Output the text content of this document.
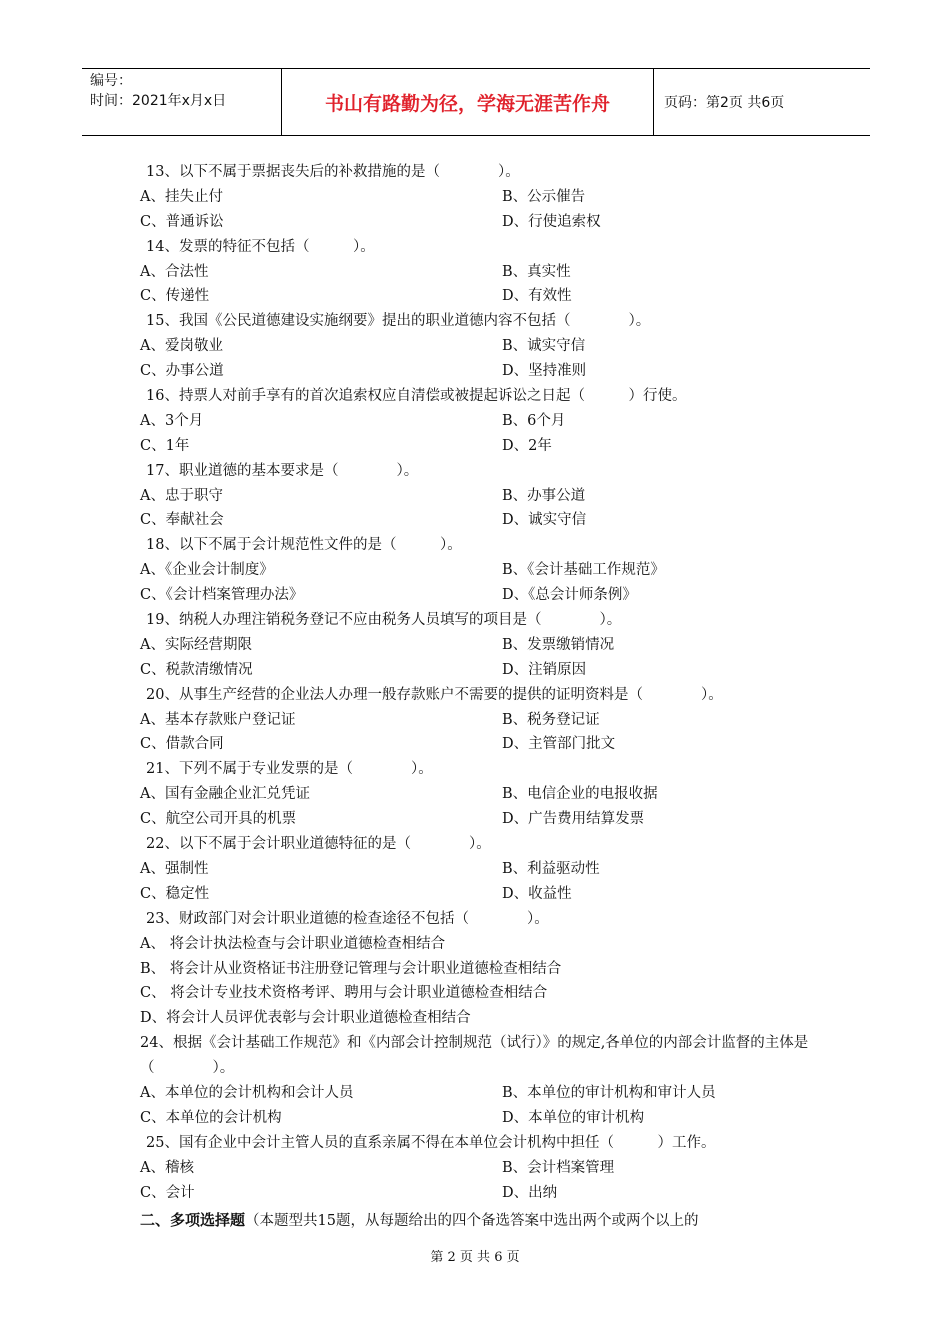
编号：
时间：2021年x月x日	书山有路勤为径，学海无涯苦作舟	页码：第2页 共6页
13、以下不属于票据丧失后的补救措施的是（　　　　）。
A、挂失止付	B、公示催告
C、普通诉讼	D、行使追索权
14、发票的特征不包括（　　　）。
A、合法性	B、真实性
C、传递性	D、有效性
15、我国《公民道德建设实施纲要》提出的职业道德内容不包括（　　　　）。
A、爱岗敬业	B、诚实守信
C、办事公道	D、坚持准则
16、持票人对前手享有的首次追索权应自清偿或被提起诉讼之日起（　　　）行使。
A、3个月	B、6个月
C、1年	D、2年
17、职业道德的基本要求是（　　　　）。
A、忠于职守	B、办事公道
C、奉献社会	D、诚实守信
18、以下不属于会计规范性文件的是（　　　）。
A、《企业会计制度》	B、《会计基础工作规范》
C、《会计档案管理办法》	D、《总会计师条例》
19、纳税人办理注销税务登记不应由税务人员填写的项目是（　　　　）。
A、实际经营期限	B、发票缴销情况
C、税款清缴情况	D、注销原因
20、从事生产经营的企业法人办理一般存款账户不需要的提供的证明资料是（　　　　）。
A、基本存款账户登记证	B、税务登记证
C、借款合同	D、主管部门批文
21、下列不属于专业发票的是（　　　　）。
A、国有金融企业汇兑凭证	B、电信企业的电报收据
C、航空公司开具的机票	D、广告费用结算发票
22、以下不属于会计职业道德特征的是（　　　　）。
A、强制性	B、利益驱动性
C、稳定性	D、收益性
23、财政部门对会计职业道德的检查途径不包括（　　　　）。
A、 将会计执法检查与会计职业道德检查相结合
B、 将会计从业资格证书注册登记管理与会计职业道德检查相结合
C、 将会计专业技术资格考评、聘用与会计职业道德检查相结合
D、将会计人员评优表彰与会计职业道德检查相结合
24、根据《会计基础工作规范》和《内部会计控制规范（试行）》的规定,各单位的内部会计监督的主体是（　　　　）。
A、本单位的会计机构和会计人员	B、本单位的审计机构和审计人员
C、本单位的会计机构	D、本单位的审计机构
25、国有企业中会计主管人员的直系亲属不得在本单位会计机构中担任（　　　）工作。
A、稽核	B、会计档案管理
C、会计	D、出纳
二、多项选择题（本题型共15题，从每题给出的四个备选答案中选出两个或两个以上的
第 2 页 共 6 页
